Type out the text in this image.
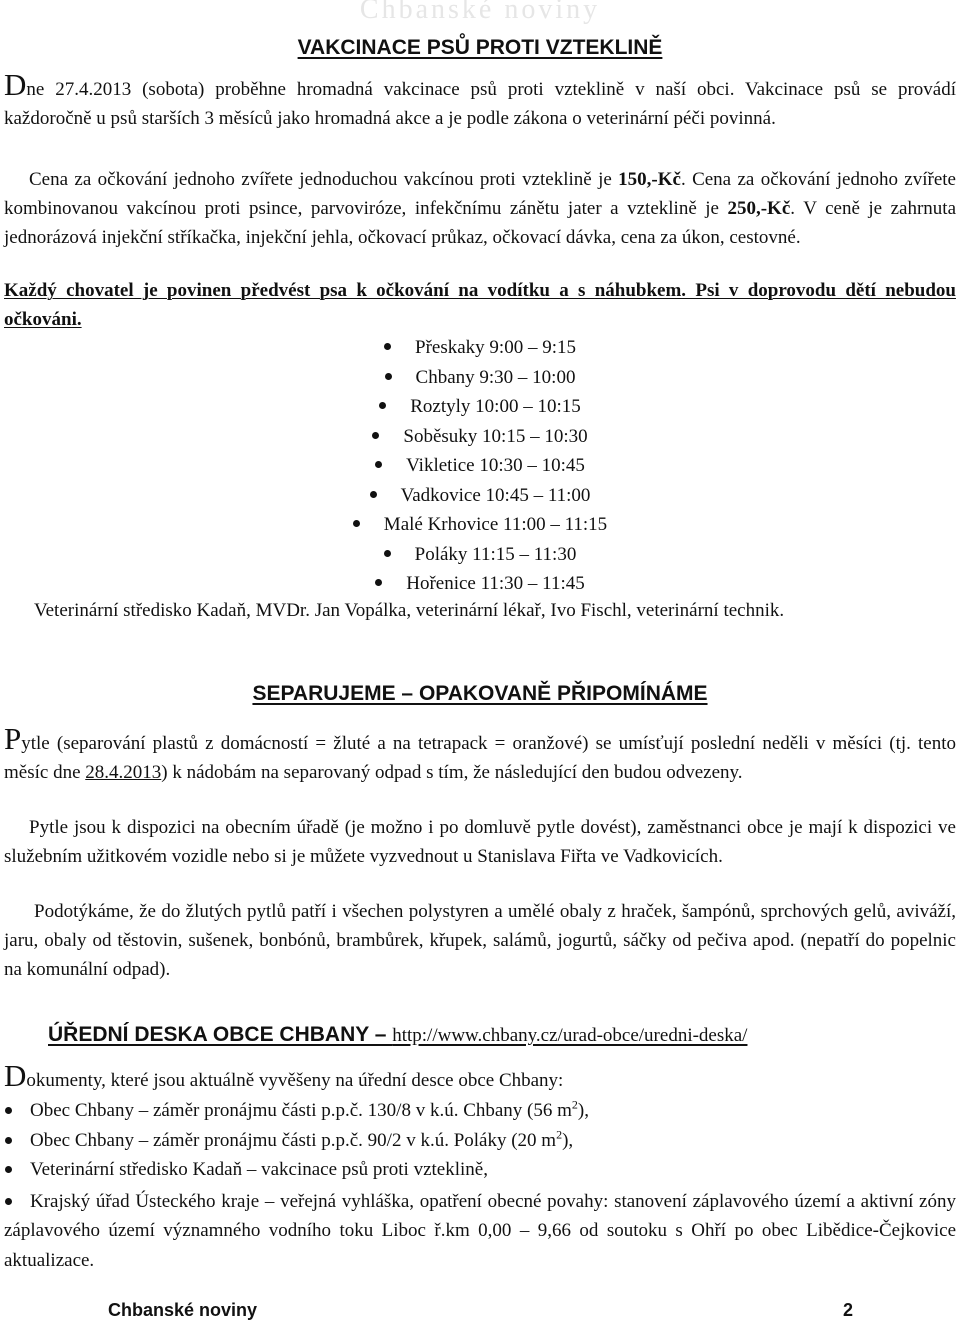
Chbanské noviny
VAKCINACE PSŮ PROTI VZTEKLINĚ
Dne 27.4.2013 (sobota) proběhne hromadná vakcinace psů proti vzteklině v naší obci. Vakcinace psů se provádí každoročně u psů starších 3 měsíců jako hromadná akce a je podle zákona o veterinární péči povinná.
Cena za očkování jednoho zvířete jednoduchou vakcínou proti vzteklině je 150,-Kč. Cena za očkování jednoho zvířete kombinovanou vakcínou proti psince, parvoviróze, infekčnímu zánětu jater a vzteklině je 250,-Kč. V ceně je zahrnuta jednorázová injekční stříkačka, injekční jehla, očkovací průkaz, očkovací dávka, cena za úkon, cestovné.
Každý chovatel je povinen předvést psa k očkování na vodítku a s náhubkem. Psi v doprovodu dětí nebudou očkováni.
Přeskaky 9:00 – 9:15
Chbany 9:30 – 10:00
Roztyly 10:00 – 10:15
Soběsuky 10:15 – 10:30
Vikletice 10:30 – 10:45
Vadkovice 10:45 – 11:00
Malé Krhovice 11:00 – 11:15
Poláky 11:15 – 11:30
Hořenice 11:30 – 11:45
Veterinární středisko Kadaň, MVDr. Jan Vopálka, veterinární lékař, Ivo Fischl, veterinární technik.
SEPARUJEME – OPAKOVANĚ PŘIPOMÍNÁME
Pytle (separování plastů z domácností = žluté a na tetrapack = oranžové) se umísťují poslední neděli v měsíci (tj. tento měsíc dne 28.4.2013) k nádobám na separovaný odpad s tím, že následující den budou odvezeny.
Pytle jsou k dispozici na obecním úřadě (je možno i po domluvě pytle dovést), zaměstnanci obce je mají k dispozici ve služebním užitkovém vozidle nebo si je můžete vyzvednout u Stanislava Fiřta ve Vadkovicích.
Podotýkáme, že do žlutých pytlů patří i všechen polystyren a umělé obaly z hraček, šampónů, sprchových gelů, aviváží, jaru, obaly od těstovin, sušenek, bonbónů, brambůrek, křupek, salámů, jogurtů, sáčky od pečiva apod. (nepatří do popelnic na komunální odpad).
ÚŘEDNÍ DESKA OBCE CHBANY – http://www.chbany.cz/urad-obce/uredni-deska/
Dokumenty, které jsou aktuálně vyvěšeny na úřední desce obce Chbany:
Obec Chbany – záměr pronájmu části p.p.č. 130/8 v k.ú. Chbany (56 $m^2$),
Obec Chbany – záměr pronájmu části p.p.č. 90/2 v k.ú. Poláky (20 $m^2$),
Veterinární středisko Kadaň – vakcinace psů proti vzteklině,
Krajský úřad Ústeckého kraje – veřejná vyhláška, opatření obecné povahy: stanovení záplavového území a aktivní zóny záplavového území významného vodního toku Liboc ř.km 0,00 – 9,66 od soutoku s Ohří po obec Libědice-Čejkovice aktualizace.
Chbanské noviny	2
